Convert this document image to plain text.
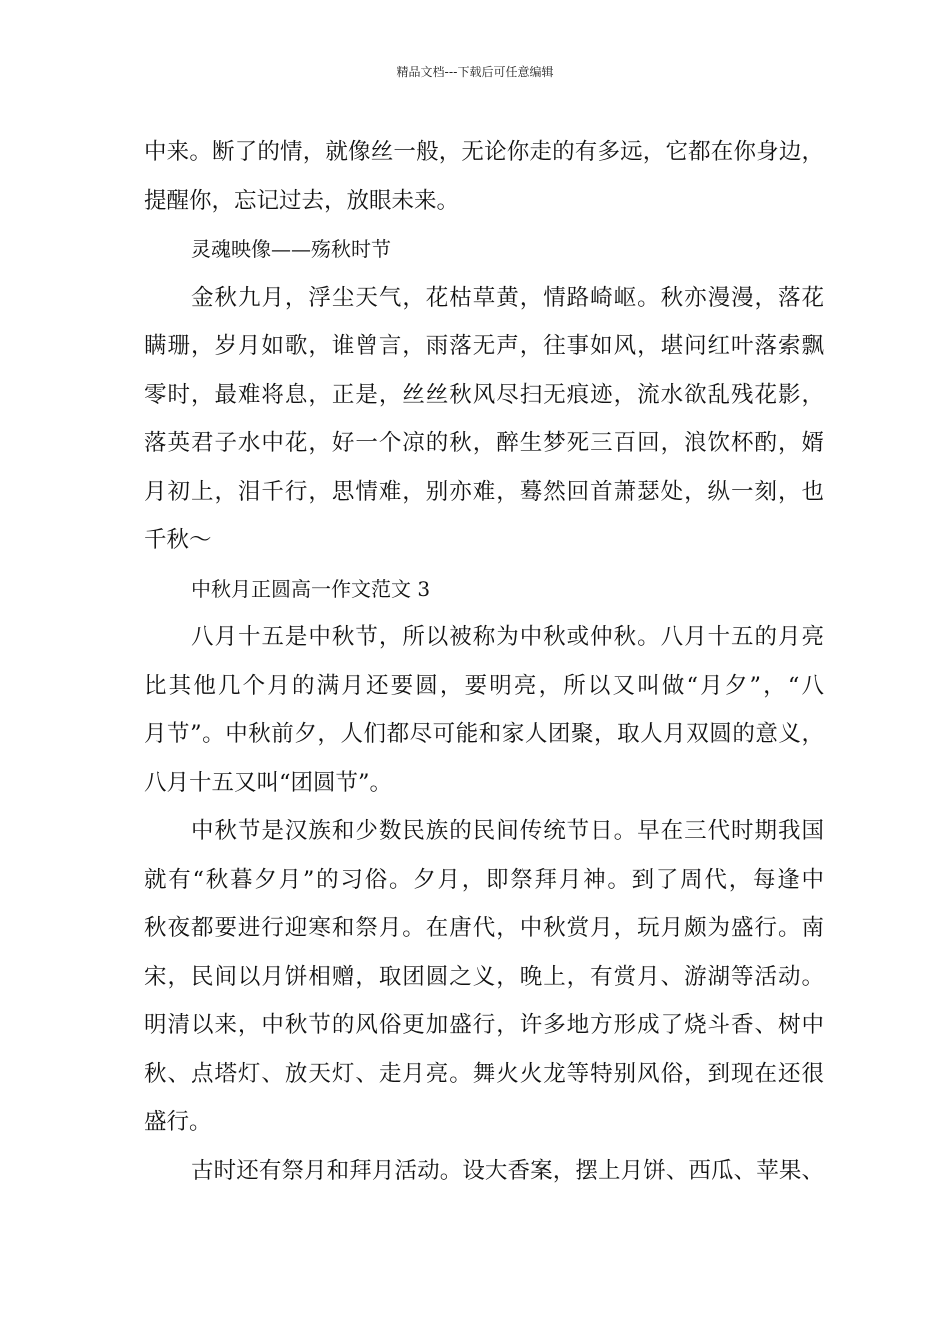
精品文档---下载后可任意编辑
中来。断了的情，就像丝一般，无论你走的有多远，它都在你身边，
提醒你，忘记过去，放眼未来。
灵魂映像——殇秋时节
金秋九月，浮尘天气，花枯草黄，情路崎岖。秋亦漫漫，落花
瞒珊，岁月如歌，谁曾言，雨落无声，往事如风，堪问红叶落索飘
零时，最难将息，正是，丝丝秋风尽扫无痕迹，流水欲乱残花影，
落英君子水中花，好一个凉的秋，醉生梦死三百回，浪饮杯酌，婿
月初上，泪千行，思情难，别亦难，蓦然回首萧瑟处，纵一刻，也
千秋～
中秋月正圆高一作文范文 3
八月十五是中秋节，所以被称为中秋或仲秋。八月十五的月亮
比其他几个月的满月还要圆，要明亮，所以又叫做“月夕”，“八
月节”。中秋前夕，人们都尽可能和家人团聚，取人月双圆的意义，
八月十五又叫“团圆节”。
中秋节是汉族和少数民族的民间传统节日。早在三代时期我国
就有“秋暮夕月”的习俗。夕月，即祭拜月神。到了周代，每逢中
秋夜都要进行迎寒和祭月。在唐代，中秋赏月，玩月颇为盛行。南
宋，民间以月饼相赠，取团圆之义，晚上，有赏月、游湖等活动。
明清以来，中秋节的风俗更加盛行，许多地方形成了烧斗香、树中
秋、点塔灯、放天灯、走月亮。舞火火龙等特别风俗，到现在还很
盛行。
古时还有祭月和拜月活动。设大香案，摆上月饼、西瓜、苹果、
